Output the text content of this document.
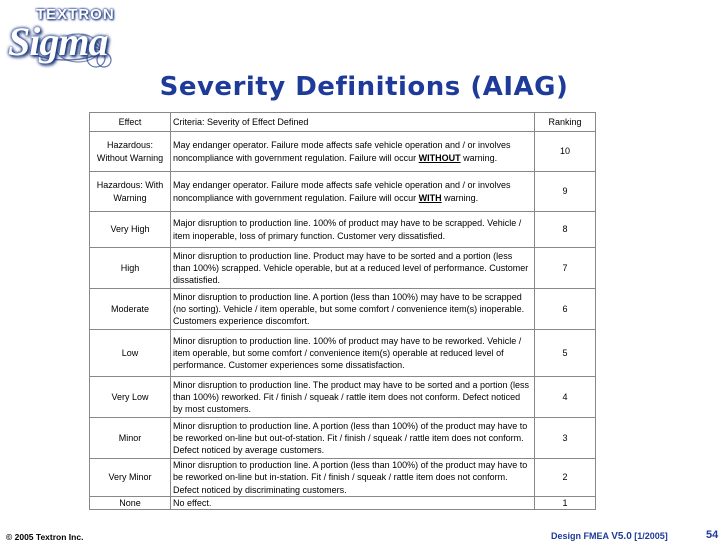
TEXTRON
Sigma
Severity Definitions (AIAG)
Effect	Criteria: Severity of Effect Defined	Ranking
Hazardous: Without Warning	May endanger operator. Failure mode affects safe vehicle operation and / or involves noncompliance with government regulation. Failure will occur WITHOUT warning.	10
Hazardous: With Warning	May endanger operator. Failure mode affects safe vehicle operation and / or involves noncompliance with government regulation. Failure will occur WITH warning.	9
Very High	Major disruption to production line. 100% of product may have to be scrapped. Vehicle / item inoperable, loss of primary function. Customer very dissatisfied.	8
High	Minor disruption to production line. Product may have to be sorted and a portion (less than 100%) scrapped. Vehicle operable, but at a reduced level of performance. Customer dissatisfied.	7
Moderate	Minor disruption to production line. A portion (less than 100%) may have to be scrapped (no sorting). Vehicle / item operable, but some comfort / convenience item(s) inoperable. Customers experience discomfort.	6
Low	Minor disruption to production line. 100% of product may have to be reworked. Vehicle / item operable, but some comfort / convenience item(s) operable at reduced level of performance. Customer experiences some dissatisfaction.	5
Very Low	Minor disruption to production line. The product may have to be sorted and a portion (less than 100%) reworked. Fit / finish / squeak / rattle item does not conform. Defect noticed by most customers.	4
Minor	Minor disruption to production line. A portion (less than 100%) of the product may have to be reworked on-line but out-of-station. Fit / finish / squeak / rattle item does not conform. Defect noticed by average customers.	3
Very Minor	Minor disruption to production line. A portion (less than 100%) of the product may have to be reworked on-line but in-station. Fit / finish / squeak / rattle item does not conform. Defect noticed by discriminating customers.	2
None	No effect.	1
© 2005 Textron Inc.	Design FMEA V5.0 [1/2005]	54
